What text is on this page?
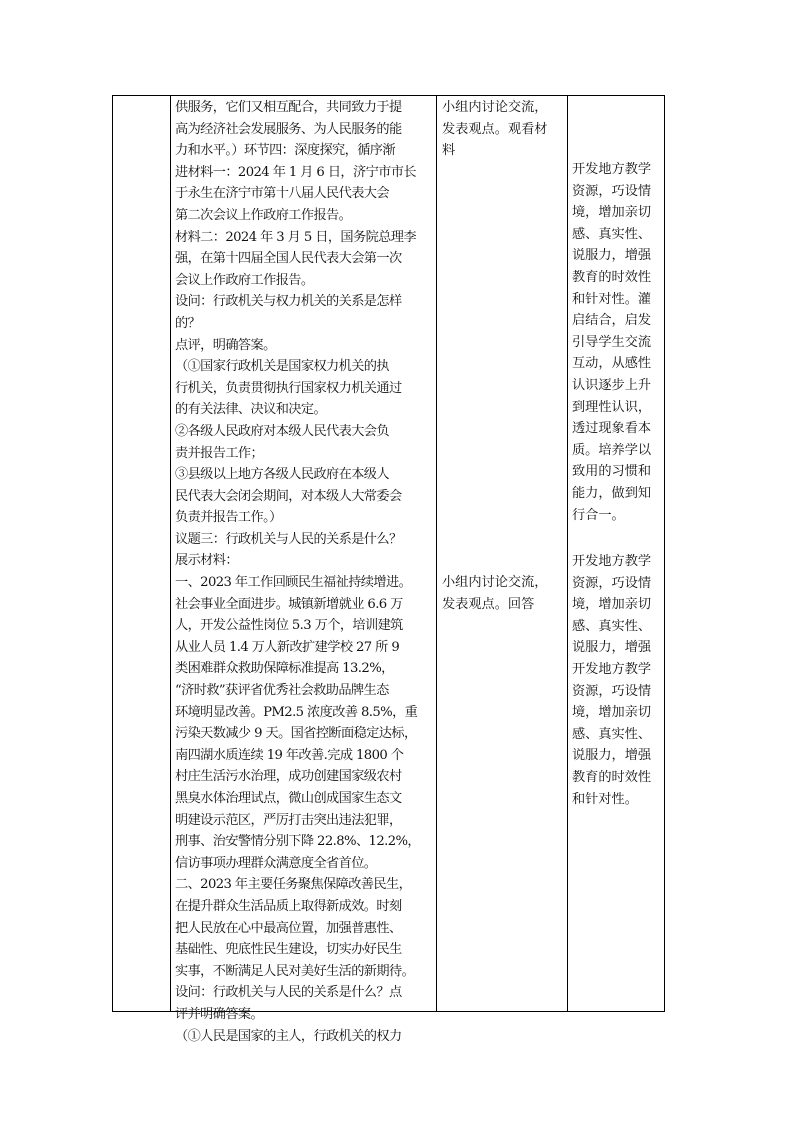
供服务，它们又相互配合，共同致力于提

高为经济社会发展服务、为人民服务的能

力和水平。）环节四：深度探究，循序渐

进材料一：2024 年 1 月 6 日，济宁市市长

于永生在济宁市第十八届人民代表大会

第二次会议上作政府工作报告。

材料二：2024 年 3 月 5 日，国务院总理李

强，在第十四届全国人民代表大会第一次

会议上作政府工作报告。

设问：行政机关与权力机关的关系是怎样

的？

点评，明确答案。

（①国家行政机关是国家权力机关的执

行机关，负责贯彻执行国家权力机关通过

的有关法律、决议和决定。

②各级人民政府对本级人民代表大会负

责并报告工作；

③县级以上地方各级人民政府在本级人

民代表大会闭会期间，对本级人大常委会

负责并报告工作。）

议题三：行政机关与人民的关系是什么？

展示材料：

一、2023 年工作回顾民生福祉持续增进。

社会事业全面进步。城镇新增就业 6.6 万

人，开发公益性岗位 5.3 万个，培训建筑

从业人员 1.4 万人新改扩建学校 27 所 9

类困难群众救助保障标准提高 13.2%，

“济时救”获评省优秀社会救助品牌生态

环境明显改善。PM2.5 浓度改善 8.5%，重

污染天数减少 9 天。国省控断面稳定达标，

南四湖水质连续 19 年改善.完成 1800 个

村庄生活污水治理，成功创建国家级农村

黑臭水体治理试点，微山创成国家生态文

明建设示范区，严厉打击突出违法犯罪，

刑事、治安警情分别下降 22.8%、12.2%，

信访事项办理群众满意度全省首位。

二、2023 年主要任务聚焦保障改善民生，

在提升群众生活品质上取得新成效。时刻

把人民放在心中最高位置，加强普惠性、

基础性、兜底性民生建设，切实办好民生

实事，不断满足人民对美好生活的新期待。

设问：行政机关与人民的关系是什么？点

评并明确答案。

（①人民是国家的主人，行政机关的权力

小组内讨论交流，

发表观点。观看材

料

小组内讨论交流，

发表观点。回答

开发地方教学

资源，巧设情

境，增加亲切

感、真实性、

说服力，增强

教育的时效性

和针对性。灌

启结合，启发

引导学生交流

互动，从感性

认识逐步上升

到理性认识，

透过现象看本

质。培养学以

致用的习惯和

能力，做到知

行合一。

开发地方教学

资源，巧设情

境，增加亲切

感、真实性、

说服力，增强

开发地方教学

资源，巧设情

境，增加亲切

感、真实性、

说服力，增强

教育的时效性

和针对性。
